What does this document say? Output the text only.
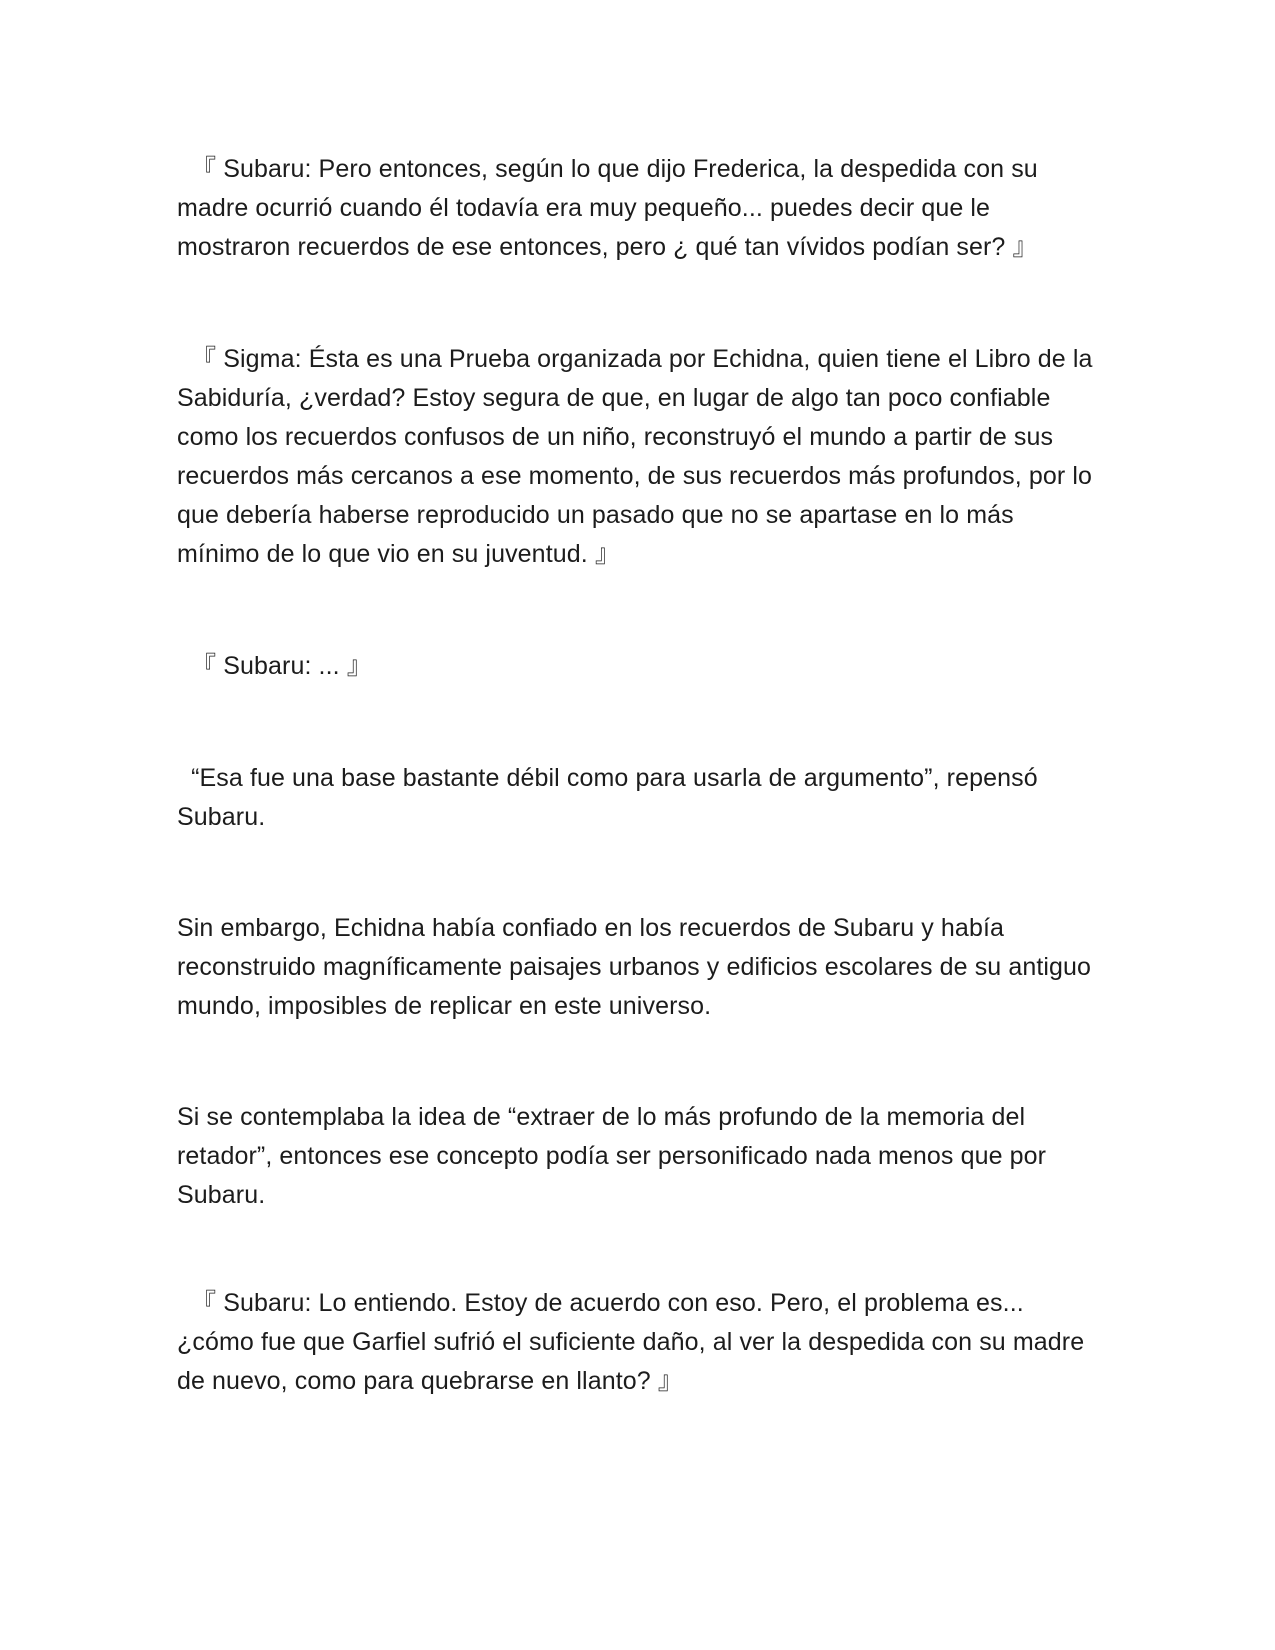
『 Subaru: Pero entonces, según lo que dijo Frederica, la despedida con su madre ocurrió cuando él todavía era muy pequeño... puedes decir que le mostraron recuerdos de ese entonces, pero ¿ qué tan vívidos podían ser? 』

『 Sigma: Ésta es una Prueba organizada por Echidna, quien tiene el Libro de la Sabiduría, ¿verdad? Estoy segura de que, en lugar de algo tan poco confiable como los recuerdos confusos de un niño, reconstruyó el mundo a partir de sus recuerdos más cercanos a ese momento, de sus recuerdos más profundos, por lo que debería haberse reproducido un pasado que no se apartase en lo más mínimo de lo que vio en su juventud. 』

『 Subaru: ... 』

“Esa fue una base bastante débil como para usarla de argumento”, repensó Subaru.

Sin embargo, Echidna había confiado en los recuerdos de Subaru y había reconstruido magníficamente paisajes urbanos y edificios escolares de su antiguo mundo, imposibles de replicar en este universo.

Si se contemplaba la idea de “extraer de lo más profundo de la memoria del retador”, entonces ese concepto podía ser personificado nada menos que por Subaru.

『 Subaru: Lo entiendo. Estoy de acuerdo con eso. Pero, el problema es... ¿cómo fue que Garfiel sufrió el suficiente daño, al ver la despedida con su madre de nuevo, como para quebrarse en llanto? 』
